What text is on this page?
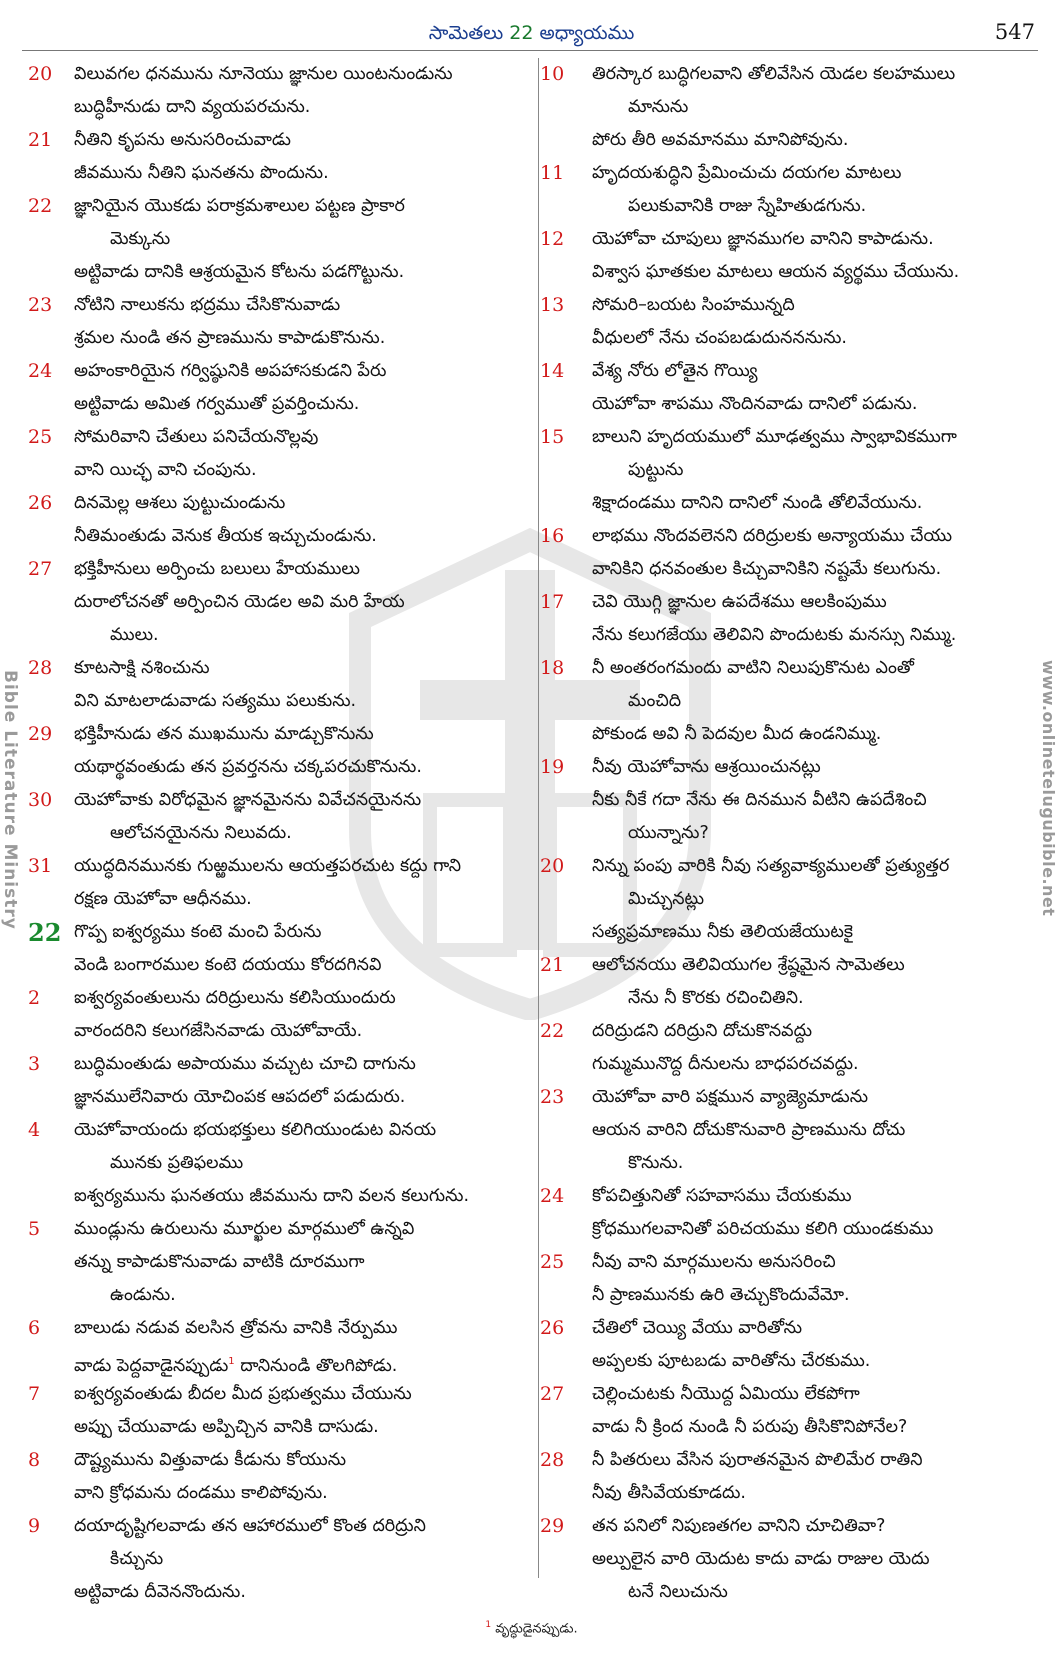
సామెతలు 22 అధ్యాయము	547
20 విలువగల ధనమును నూనెయు జ్ఞానుల యింటనుండును
బుద్ధిహీనుడు దాని వ్యయపరచును.
21 నీతిని కృపను అనుసరించువాడు
జీవమును నీతిని ఘనతను పొందును.
22 జ్ఞానియైన యొకడు పరాక్రమశాలుల పట్టణ ప్రాకార
మెక్కును
అట్టివాడు దానికి ఆశ్రయమైన కోటను పడగొట్టును.
23 నోటిని నాలుకను భద్రము చేసికొనువాడు
శ్రమల నుండి తన ప్రాణమును కాపాడుకొనును.
24 అహంకారియైన గర్విష్ఠునికి అపహాసకుడని పేరు
అట్టివాడు అమిత గర్వముతో ప్రవర్తించును.
25 సోమరివాని చేతులు పనిచేయనొల్లవు
వాని యిచ్ఛ వాని చంపును.
26 దినమెల్ల ఆశలు పుట్టుచుండును
నీతిమంతుడు వెనుక తీయక ఇచ్చుచుండును.
27 భక్తిహీనులు అర్పించు బలులు హేయములు
దురాలోచనతో అర్పించిన యెడల అవి మరి హేయ
ములు.
28 కూటసాక్షి నశించును
విని మాటలాడువాడు సత్యము పలుకును.
29 భక్తిహీనుడు తన ముఖమును మాడ్చుకొనును
యథార్థవంతుడు తన ప్రవర్తనను చక్కపరచుకొనును.
30 యెహోవాకు విరోధమైన జ్ఞానమైనను వివేచనయైనను
ఆలోచనయైనను నిలువదు.
31 యుద్ధదినమునకు గుఱ్ఱములను ఆయత్తపరచుట కద్దు గాని
రక్షణ యెహోవా ఆధీనము.
22 గొప్ప ఐశ్వర్యము కంటె మంచి పేరును
వెండి బంగారముల కంటె దయయు కోరదగినవి
2 ఐశ్వర్యవంతులును దరిద్రులును కలిసియుందురు
వారందరిని కలుగజేసినవాడు యెహోవాయే.
3 బుద్ధిమంతుడు అపాయము వచ్చుట చూచి దాగును
జ్ఞానములేనివారు యోచింపక ఆపదలో పడుదురు.
4 యెహోవాయందు భయభక్తులు కలిగియుండుట వినయ
మునకు ప్రతిఫలము
ఐశ్వర్యమును ఘనతయు జీవమును దాని వలన కలుగును.
5 ముండ్లును ఉరులును మూర్ఖుల మార్గములో ఉన్నవి
తన్ను కాపాడుకొనువాడు వాటికి దూరముగా
ఉండును.
6 బాలుడు నడువ వలసిన త్రోవను వానికి నేర్పుము
వాడు పెద్దవాడైనప్పుడు$^1$ దానినుండి తొలగిపోడు.
7 ఐశ్వర్యవంతుడు బీదల మీద ప్రభుత్వము చేయును
అప్పు చేయువాడు అప్పిచ్చిన వానికి దాసుడు.
8 దౌష్ట్యమును విత్తువాడు కీడును కోయును
వాని క్రోధమను దండము కాలిపోవును.
9 దయాదృష్టిగలవాడు తన ఆహారములో కొంత దరిద్రుని
కిచ్చును
అట్టివాడు దీవెననొందును.
10 తిరస్కార బుద్ధిగలవాని తోలివేసిన యెడల కలహములు
మానును
పోరు తీరి అవమానము మానిపోవును.
11 హృదయశుద్ధిని ప్రేమించుచు దయగల మాటలు
పలుకువానికి రాజు స్నేహితుడగును.
12 యెహోవా చూపులు జ్ఞానముగల వానిని కాపాడును.
విశ్వాస ఘాతకుల మాటలు ఆయన వ్యర్థము చేయును.
13 సోమరి–బయట సింహమున్నది
వీధులలో నేను చంపబడుదునననును.
14 వేశ్య నోరు లోతైన గొయ్యి
యెహోవా శాపము నొందినవాడు దానిలో పడును.
15 బాలుని హృదయములో మూఢత్వము స్వాభావికముగా
పుట్టును
శిక్షాదండము దానిని దానిలో నుండి తోలివేయును.
16 లాభము నొందవలెనని దరిద్రులకు అన్యాయము చేయు
వానికిని ధనవంతుల కిచ్చువానికిని నష్టమే కలుగును.
17 చెవి యొగ్గి జ్ఞానుల ఉపదేశము ఆలకింపుము
నేను కలుగజేయు తెలివిని పొందుటకు మనస్సు నిమ్ము.
18 నీ అంతరంగమందు వాటిని నిలుపుకొనుట ఎంతో
మంచిది
పోకుండ అవి నీ పెదవుల మీద ఉండనిమ్ము.
19 నీవు యెహోవాను ఆశ్రయించునట్లు
నీకు నీకే గదా నేను ఈ దినమున వీటిని ఉపదేశించి
యున్నాను?
20 నిన్ను పంపు వారికి నీవు సత్యవాక్యములతో ప్రత్యుత్తర
మిచ్చునట్లు
సత్యప్రమాణము నీకు తెలియజేయుటకై
21 ఆలోచనయు తెలివియుగల శ్రేష్ఠమైన సామెతలు
నేను నీ కొరకు రచించితిని.
22 దరిద్రుడని దరిద్రుని దోచుకొనవద్దు
గుమ్మమునొద్ద దీనులను బాధపరచవద్దు.
23 యెహోవా వారి పక్షమున వ్యాజ్యెమాడును
ఆయన వారిని దోచుకొనువారి ప్రాణమును దోచు
కొనును.
24 కోపచిత్తునితో సహవాసము చేయకుము
క్రోధముగలవానితో పరిచయము కలిగి యుండకుము
25 నీవు వాని మార్గములను అనుసరించి
నీ ప్రాణమునకు ఉరి తెచ్చుకొందువేమో.
26 చేతిలో చెయ్యి వేయు వారితోను
అప్పలకు పూటబడు వారితోను చేరకుము.
27 చెల్లించుటకు నీయొద్ద ఏమియు లేకపోగా
వాడు నీ క్రింద నుండి నీ పరుపు తీసికొనిపోనేల?
28 నీ పితరులు వేసిన పురాతనమైన పొలిమేర రాతిని
నీవు తీసివేయకూడదు.
29 తన పనిలో నిపుణతగల వానిని చూచితివా?
అల్పులైన వారి యెదుట కాదు వాడు రాజుల యెదు
టనే నిలుచును
Bible Literature Ministry	www.onlinetelugubible.net
$^1$ వృద్ధుడైనప్పుడు.
